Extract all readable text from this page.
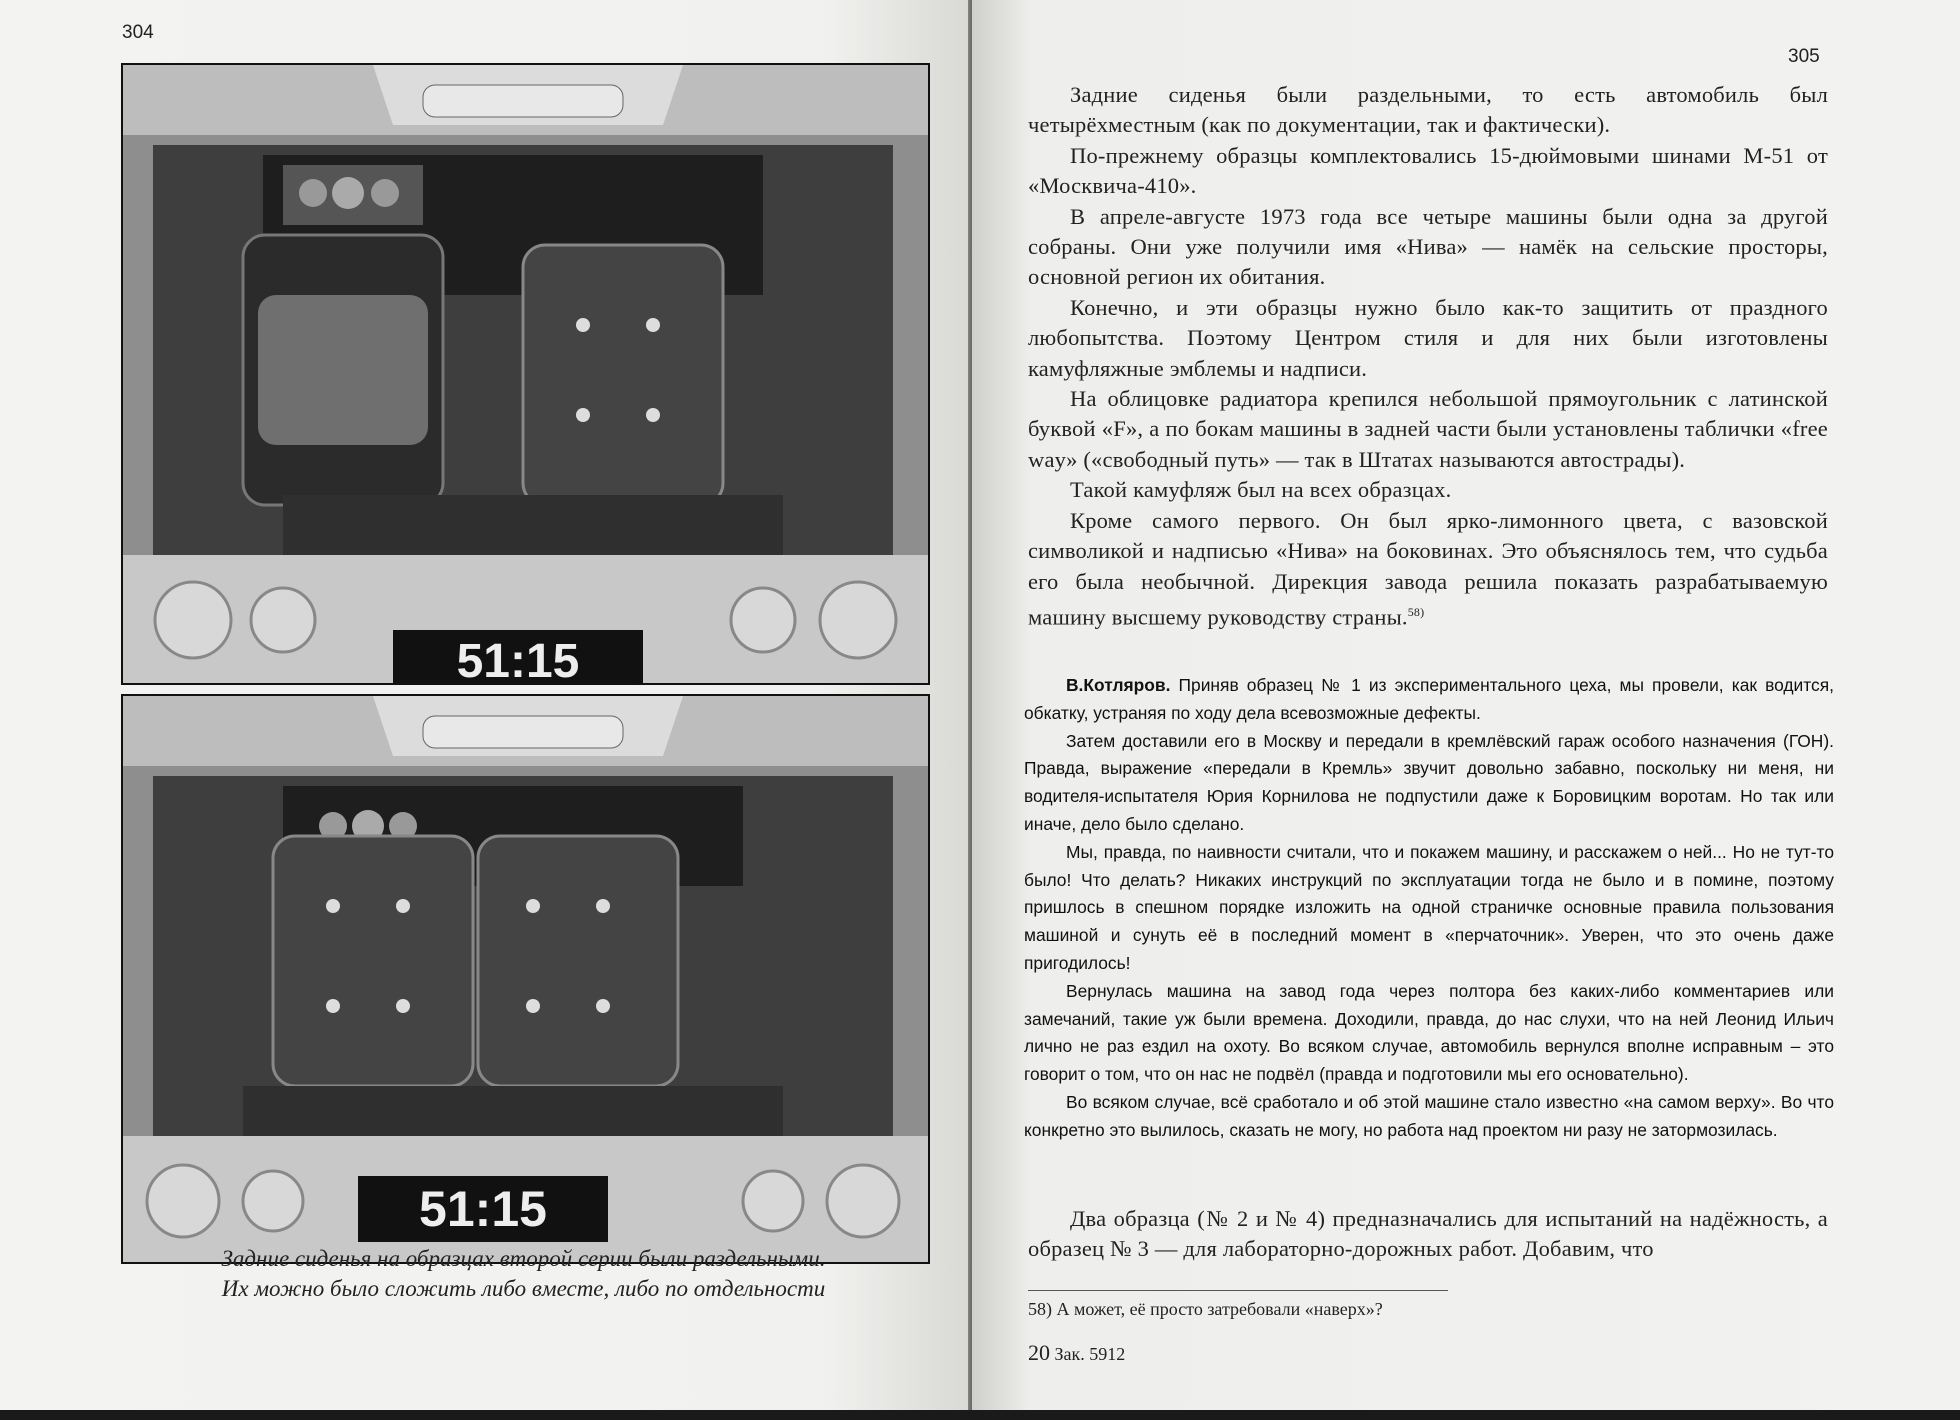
304
51:15
51:15
Задние сиденья на образцах второй серии были раздельными.
Их можно было сложить либо вместе, либо по отдельности
305

Задние сиденья были раздельными, то есть автомобиль был четырёхместным (как по документации, так и фактически).

По-прежнему образцы комплектовались 15-дюймовыми шинами М-51 от «Москвича-410».

В апреле-августе 1973 года все четыре машины были одна за другой собраны. Они уже получили имя «Нива» — намёк на сельские просторы, основной регион их обитания.

Конечно, и эти образцы нужно было как-то защитить от праздного любопытства. Поэтому Центром стиля и для них были изготовлены камуфляжные эмблемы и надписи.

На облицовке радиатора крепился небольшой прямоугольник с латинской буквой «F», а по бокам машины в задней части были установлены таблички «free way» («свободный путь» — так в Штатах называются автострады).

Такой камуфляж был на всех образцах.

Кроме самого первого. Он был ярко-лимонного цвета, с вазовской символикой и надписью «Нива» на боковинах. Это объяснялось тем, что судьба его была необычной. Дирекция завода решила показать разрабатываемую машину высшему руководству страны.$^{58)}$

В.Котляров. Приняв образец № 1 из экспериментального цеха, мы провели, как водится, обкатку, устраняя по ходу дела всевозможные дефекты.

Затем доставили его в Москву и передали в кремлёвский гараж особого назначения (ГОН). Правда, выражение «передали в Кремль» звучит довольно забавно, поскольку ни меня, ни водителя-испытателя Юрия Корнилова не подпустили даже к Боровицким воротам. Но так или иначе, дело было сделано.

Мы, правда, по наивности считали, что и покажем машину, и расскажем о ней... Но не тут-то было! Что делать? Никаких инструкций по эксплуатации тогда не было и в помине, поэтому пришлось в спешном порядке изложить на одной страничке основные правила пользования машиной и сунуть её в последний момент в «перчаточник». Уверен, что это очень даже пригодилось!

Вернулась машина на завод года через полтора без каких-либо комментариев или замечаний, такие уж были времена. Доходили, правда, до нас слухи, что на ней Леонид Ильич лично не раз ездил на охоту. Во всяком случае, автомобиль вернулся вполне исправным – это говорит о том, что он нас не подвёл (правда и подготовили мы его основательно).

Во всяком случае, всё сработало и об этой машине стало известно «на самом верху». Во что конкретно это вылилось, сказать не могу, но работа над проектом ни разу не затормозилась.

Два образца (№ 2 и № 4) предназначались для испытаний на надёжность, а образец № 3 — для лабораторно-дорожных работ. Добавим, что

58) А может, её просто затребовали «наверх»?
20 Зак. 5912
